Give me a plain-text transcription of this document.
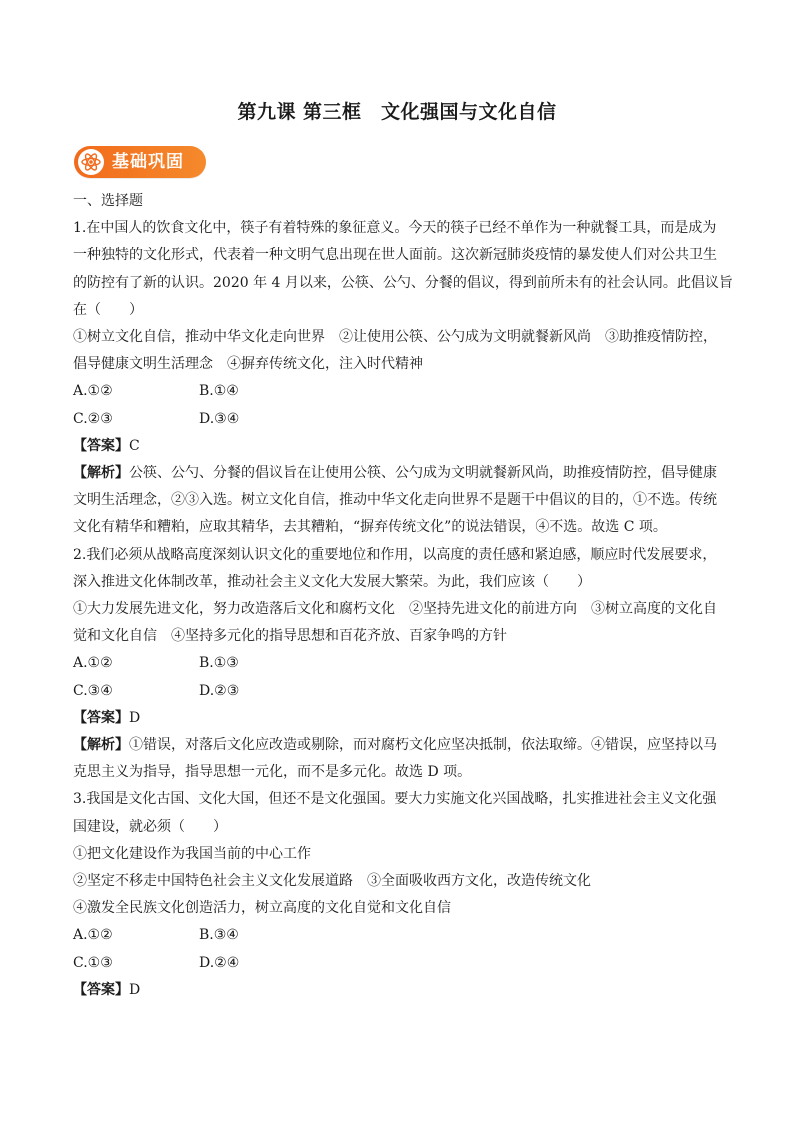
第九课 第三框　文化强国与文化自信
基础巩固
一、选择题
1.在中国人的饮食文化中，筷子有着特殊的象征意义。今天的筷子已经不单作为一种就餐工具，而是成为
一种独特的文化形式，代表着一种文明气息出现在世人面前。这次新冠肺炎疫情的暴发使人们对公共卫生
的防控有了新的认识。2020 年 4 月以来，公筷、公勺、分餐的倡议，得到前所未有的社会认同。此倡议旨
在（　　）
①树立文化自信，推动中华文化走向世界　②让使用公筷、公勺成为文明就餐新风尚　③助推疫情防控，
倡导健康文明生活理念　④摒弃传统文化，注入时代精神
A.①②	B.①④
C.②③	D.③④
【答案】C
【解析】公筷、公勺、分餐的倡议旨在让使用公筷、公勺成为文明就餐新风尚，助推疫情防控，倡导健康
文明生活理念，②③入选。树立文化自信，推动中华文化走向世界不是题干中倡议的目的，①不选。传统
文化有精华和糟粕，应取其精华，去其糟粕，“摒弃传统文化”的说法错误，④不选。故选 C 项。
2.我们必须从战略高度深刻认识文化的重要地位和作用，以高度的责任感和紧迫感，顺应时代发展要求，
深入推进文化体制改革，推动社会主义文化大发展大繁荣。为此，我们应该（　　）
①大力发展先进文化，努力改造落后文化和腐朽文化　②坚持先进文化的前进方向　③树立高度的文化自
觉和文化自信　④坚持多元化的指导思想和百花齐放、百家争鸣的方针
A.①②	B.①③
C.③④	D.②③
【答案】D
【解析】①错误，对落后文化应改造或剔除，而对腐朽文化应坚决抵制，依法取缔。④错误，应坚持以马
克思主义为指导，指导思想一元化，而不是多元化。故选 D 项。
3.我国是文化古国、文化大国，但还不是文化强国。要大力实施文化兴国战略，扎实推进社会主义文化强
国建设，就必须（　　）
①把文化建设作为我国当前的中心工作
②坚定不移走中国特色社会主义文化发展道路　③全面吸收西方文化，改造传统文化
④激发全民族文化创造活力，树立高度的文化自觉和文化自信
A.①②	B.③④
C.①③	D.②④
【答案】D
